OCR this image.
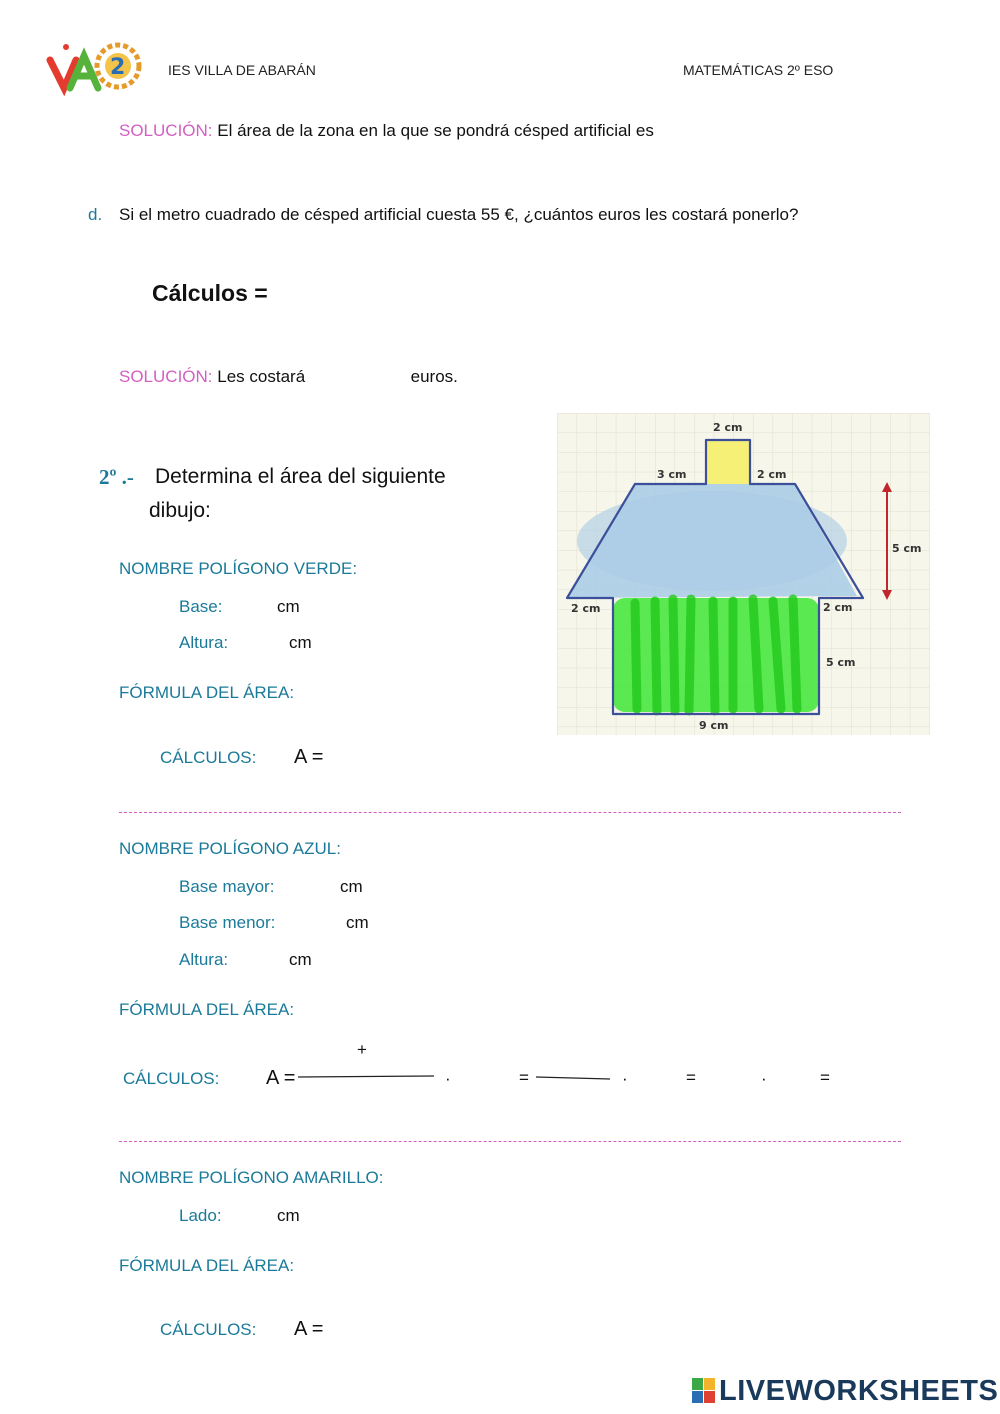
2	IES VILLA DE ABARÁN	MATEMÁTICAS 2º ESO
SOLUCIÓN: El área de la zona en la que se pondrá césped artificial es
d. Si el metro cuadrado de césped artificial cuesta 55 €, ¿cuántos euros les costará ponerlo?
Cálculos =
SOLUCIÓN: Les costará	euros.
2º .- Determina el área del siguiente
dibujo:
2 cm
3 cm	2 cm
5 cm
2 cm	2 cm
5 cm
9 cm
NOMBRE POLÍGONO VERDE:
Base:	cm
Altura:	cm
FÓRMULA DEL ÁREA:
CÁLCULOS: A =
NOMBRE POLÍGONO AZUL:
Base mayor:	cm
Base menor:	cm
Altura:	cm
FÓRMULA DEL ÁREA:
+
CÁLCULOS: A =	·	=	·	=	·	=
NOMBRE POLÍGONO AMARILLO:
Lado:	cm
FÓRMULA DEL ÁREA:
CÁLCULOS: A =
LIVEWORKSHEETS
